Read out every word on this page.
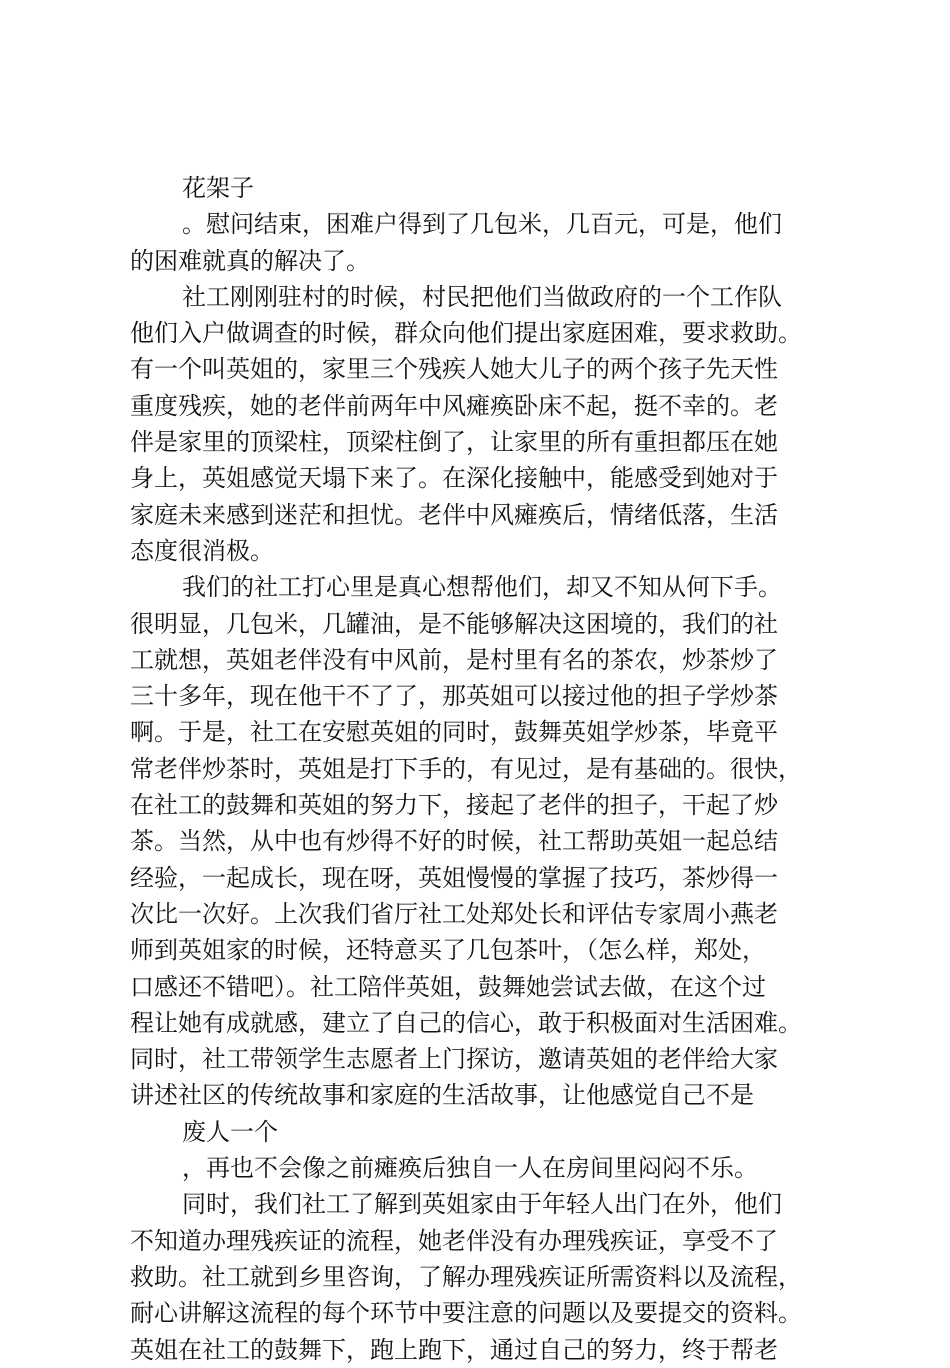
花架子
。慰问结束，困难户得到了几包米，几百元，可是，他们
的困难就真的解决了。
社工刚刚驻村的时候，村民把他们当做政府的一个工作队
他们入户做调查的时候，群众向他们提出家庭困难，要求救助。
有一个叫英姐的，家里三个残疾人她大儿子的两个孩子先天性
重度残疾，她的老伴前两年中风瘫痪卧床不起，挺不幸的。老
伴是家里的顶梁柱，顶梁柱倒了，让家里的所有重担都压在她
身上，英姐感觉天塌下来了。在深化接触中，能感受到她对于
家庭未来感到迷茫和担忧。老伴中风瘫痪后，情绪低落，生活
态度很消极。
我们的社工打心里是真心想帮他们，却又不知从何下手。
很明显，几包米，几罐油，是不能够解决这困境的，我们的社
工就想，英姐老伴没有中风前，是村里有名的茶农，炒茶炒了
三十多年，现在他干不了了，那英姐可以接过他的担子学炒茶
啊。于是，社工在安慰英姐的同时，鼓舞英姐学炒茶，毕竟平
常老伴炒茶时，英姐是打下手的，有见过，是有基础的。很快，
在社工的鼓舞和英姐的努力下，接起了老伴的担子，干起了炒
茶。当然，从中也有炒得不好的时候，社工帮助英姐一起总结
经验，一起成长，现在呀，英姐慢慢的掌握了技巧，茶炒得一
次比一次好。上次我们省厅社工处郑处长和评估专家周小燕老
师到英姐家的时候，还特意买了几包茶叶，（怎么样，郑处，
口感还不错吧）。社工陪伴英姐，鼓舞她尝试去做，在这个过
程让她有成就感，建立了自己的信心，敢于积极面对生活困难。
同时，社工带领学生志愿者上门探访，邀请英姐的老伴给大家
讲述社区的传统故事和家庭的生活故事，让他感觉自己不是
废人一个
，再也不会像之前瘫痪后独自一人在房间里闷闷不乐。
同时，我们社工了解到英姐家由于年轻人出门在外，他们
不知道办理残疾证的流程，她老伴没有办理残疾证，享受不了
救助。社工就到乡里咨询，了解办理残疾证所需资料以及流程，
耐心讲解这流程的每个环节中要注意的问题以及要提交的资料。
英姐在社工的鼓舞下，跑上跑下，通过自己的努力，终于帮老
